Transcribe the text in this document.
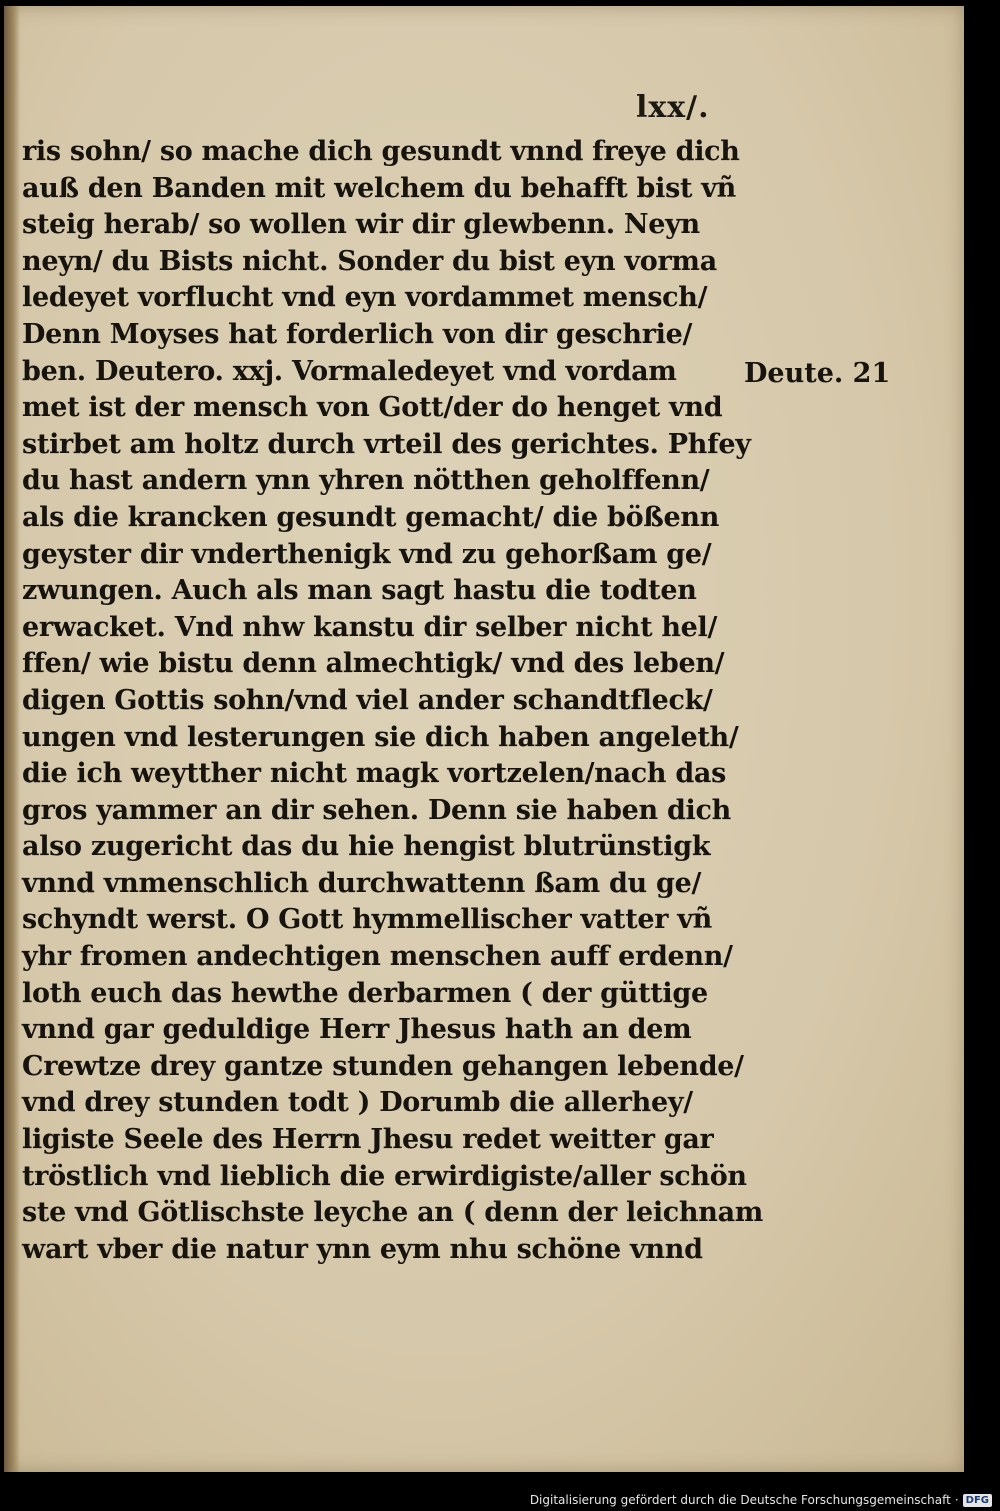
lxx/.
ris sohn/ so mache dich gesundt vnnd freye dich
auß den Banden mit welchem du behafft bist vñ
steig herab/ so wollen wir dir glewbenn. Neyn
neyn/ du Bists nicht. Sonder du bist eyn vorma
ledeyet vorflucht vnd eyn vordammet mensch/
Denn Moyses hat forderlich von dir geschrie/
ben. Deutero. xxj. Vormaledeyet vnd vordam
met ist der mensch von Gott/der do henget vnd
stirbet am holtz durch vrteil des gerichtes. Phfey
du hast andern ynn yhren nötthen geholffenn/
als die krancken gesundt gemacht/ die bößenn
geyster dir vnderthenigk vnd zu gehorßam ge/
zwungen. Auch als man sagt hastu die todten
erwacket. Vnd nhw kanstu dir selber nicht hel/
ffen/ wie bistu denn almechtigk/ vnd des leben/
digen Gottis sohn/vnd viel ander schandtfleck/
ungen vnd lesterungen sie dich haben angeleth/
die ich weytther nicht magk vortzelen/nach das
gros yammer an dir sehen. Denn sie haben dich
also zugericht das du hie hengist blutrünstigk
vnnd vnmenschlich durchwattenn ßam du ge/
schyndt werst. O Gott hymmellischer vatter vñ
yhr fromen andechtigen menschen auff erdenn/
loth euch das hewthe derbarmen ( der güttige
vnnd gar geduldige Herr Jhesus hath an dem
Crewtze drey gantze stunden gehangen lebende/
vnd drey stunden todt ) Dorumb die allerhey/
ligiste Seele des Herrn Jhesu redet weitter gar
tröstlich vnd lieblich die erwirdigiste/aller schön
ste vnd Götlischste leyche an ( denn der leichnam
wart vber die natur ynn eym nhu schöne vnnd
Deute. 21
Digitalisierung gefördert durch die Deutsche Forschungsgemeinschaft · DFG
